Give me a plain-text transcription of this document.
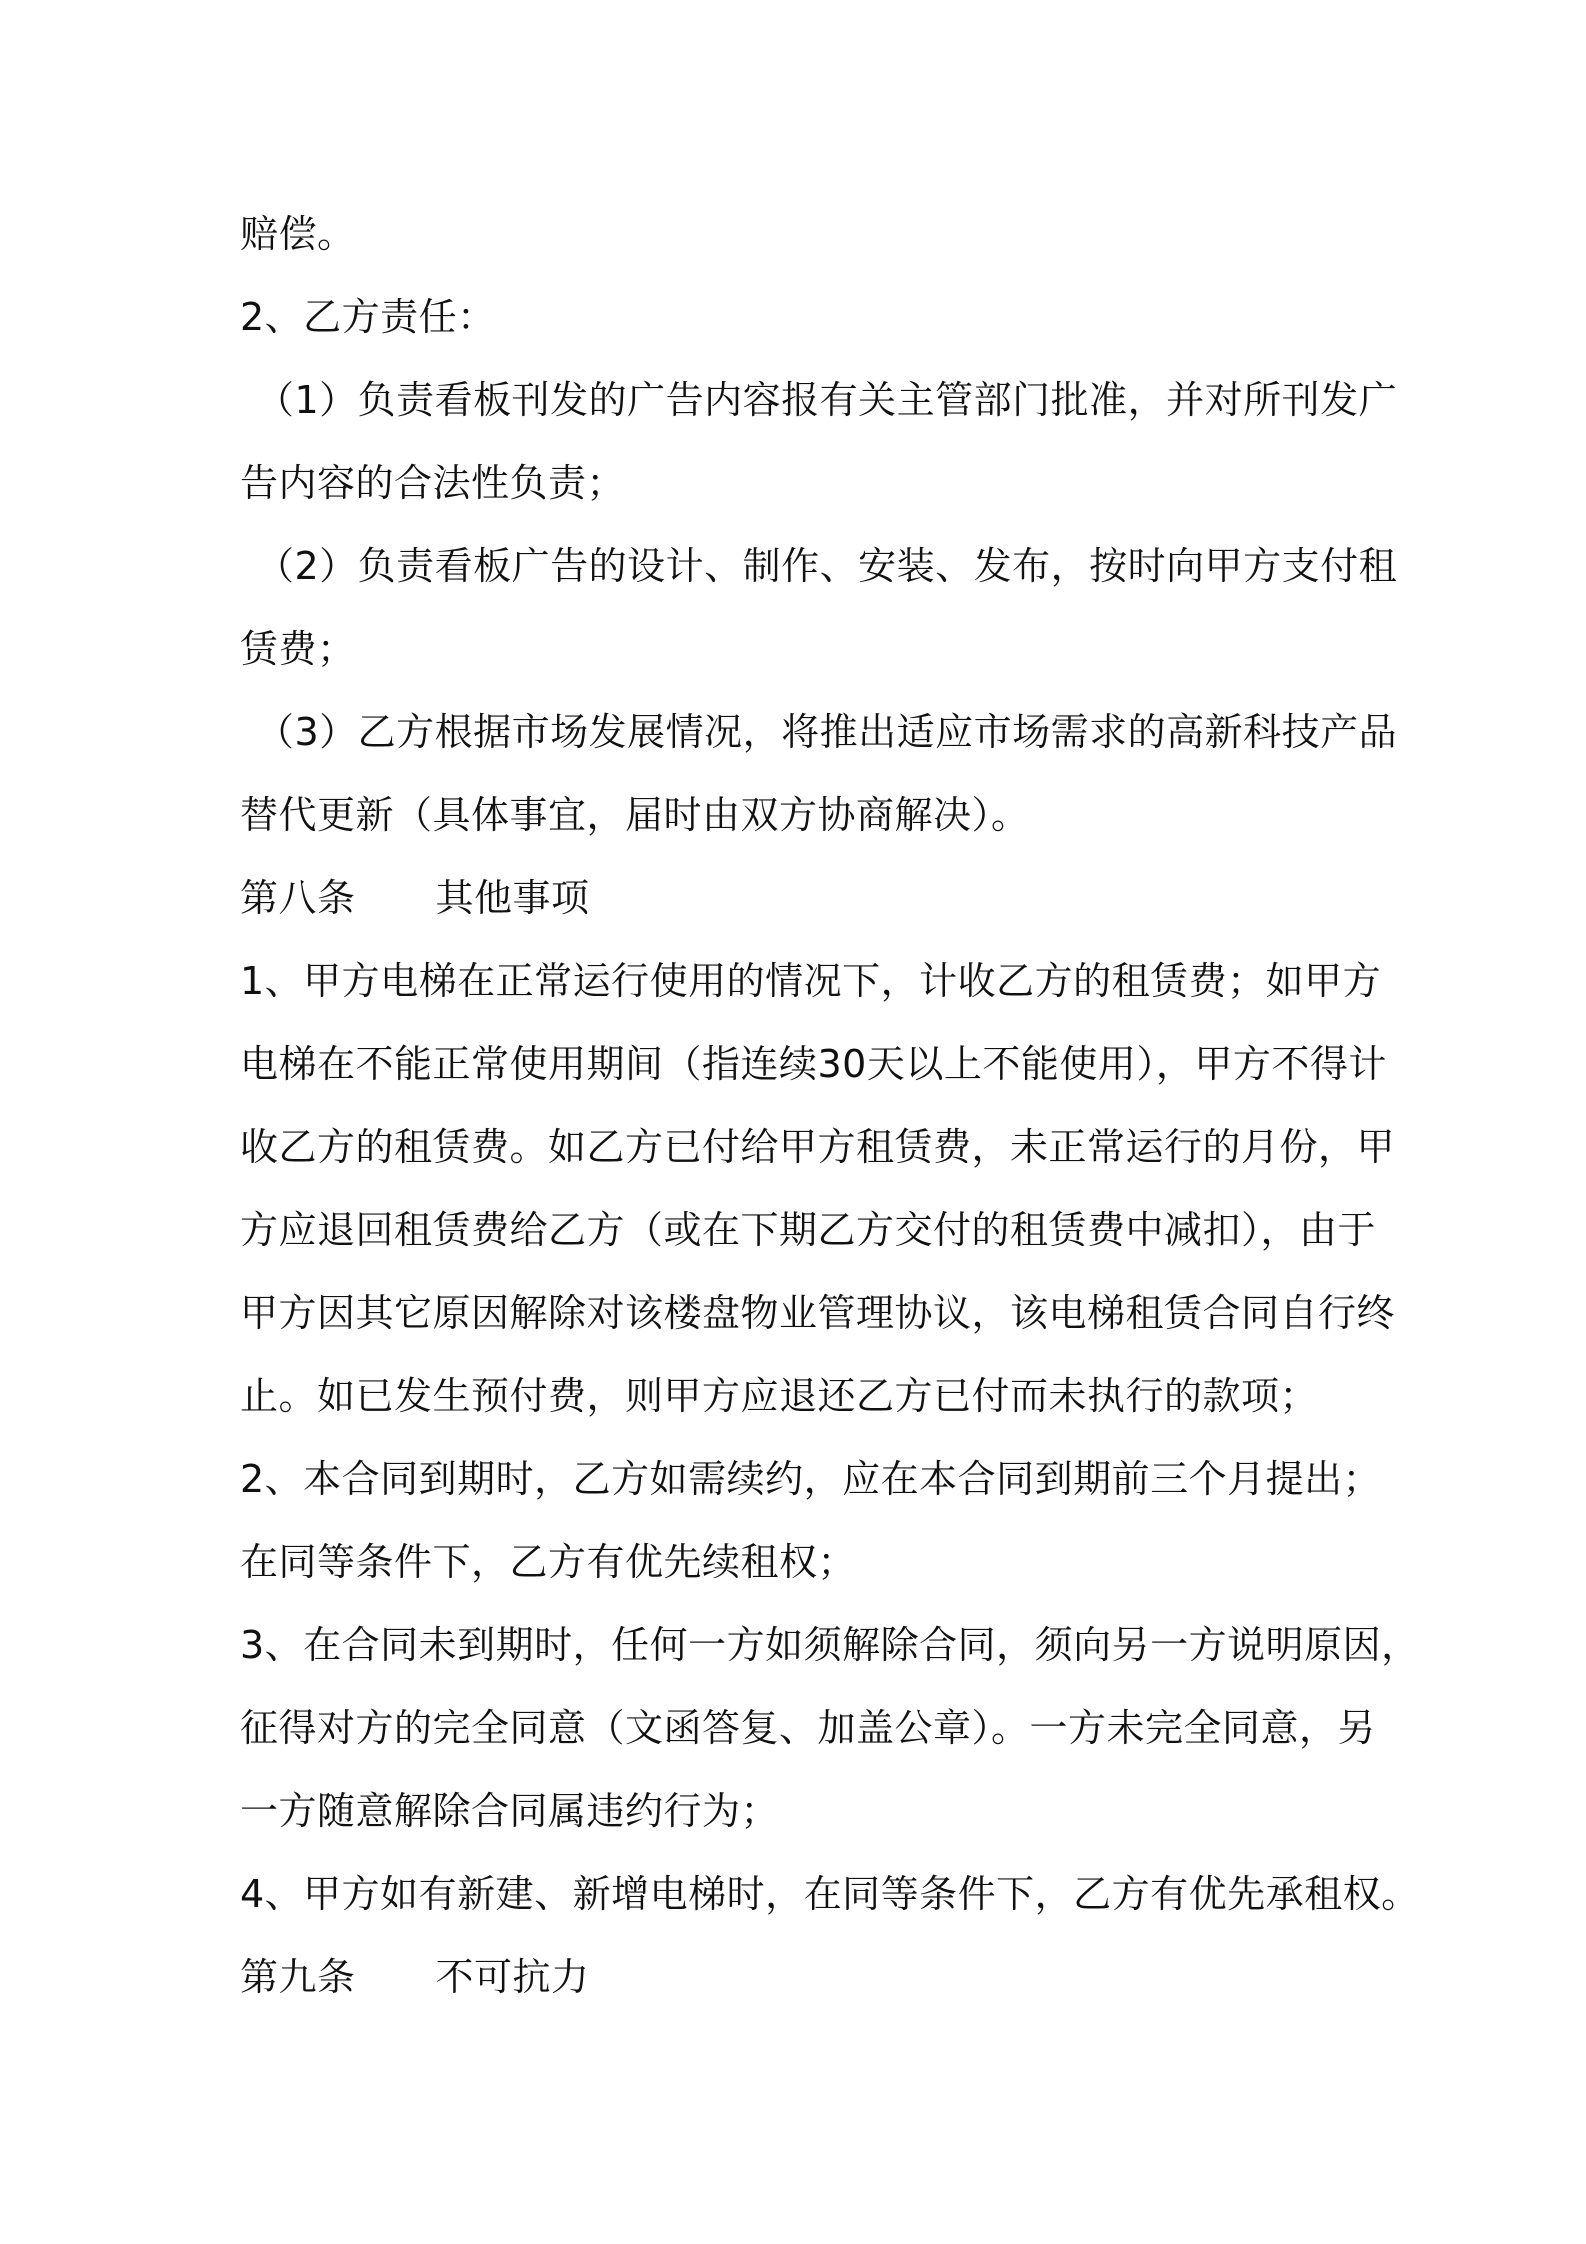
赔偿。
2、乙方责任：
（1）负责看板刊发的广告内容报有关主管部门批准，并对所刊发广
告内容的合法性负责；
（2）负责看板广告的设计、制作、安装、发布，按时向甲方支付租
赁费；
（3）乙方根据市场发展情况，将推出适应市场需求的高新科技产品
替代更新（具体事宜，届时由双方协商解决）。
第八条 其他事项
1、甲方电梯在正常运行使用的情况下，计收乙方的租赁费；如甲方
电梯在不能正常使用期间（指连续30天以上不能使用），甲方不得计
收乙方的租赁费。如乙方已付给甲方租赁费，未正常运行的月份，甲
方应退回租赁费给乙方（或在下期乙方交付的租赁费中减扣），由于
甲方因其它原因解除对该楼盘物业管理协议，该电梯租赁合同自行终
止。如已发生预付费，则甲方应退还乙方已付而未执行的款项；
2、本合同到期时，乙方如需续约，应在本合同到期前三个月提出；
在同等条件下，乙方有优先续租权；
3、在合同未到期时，任何一方如须解除合同，须向另一方说明原因，
征得对方的完全同意（文函答复、加盖公章）。一方未完全同意，另
一方随意解除合同属违约行为；
4、甲方如有新建、新增电梯时，在同等条件下，乙方有优先承租权。
第九条 不可抗力
